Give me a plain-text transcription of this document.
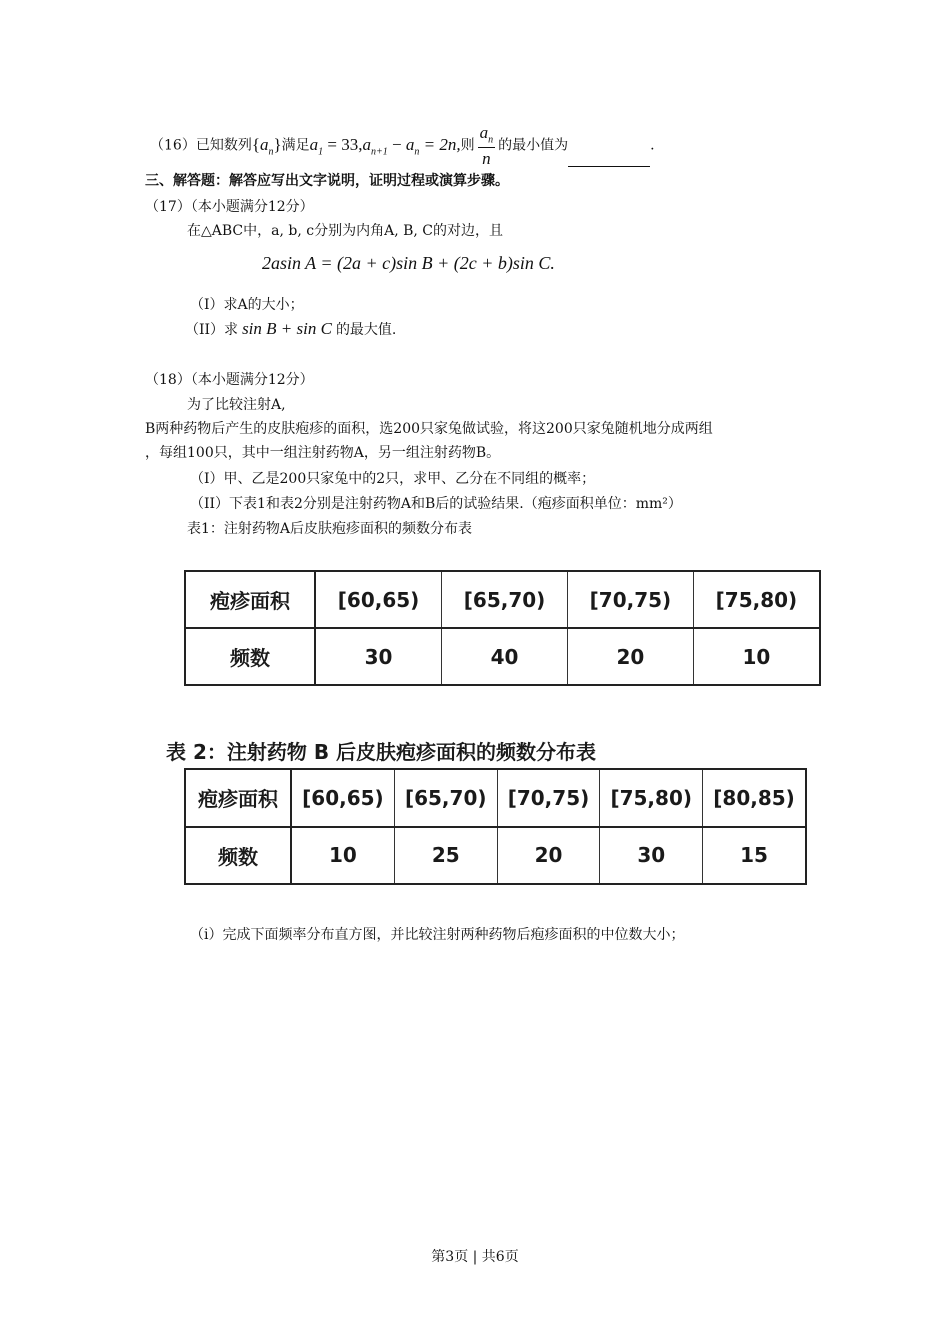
（16）已知数列$\{a_n\}$满足$a_1 = 33,a_{n+1} - a_n = 2n$,则 $\frac{a_n}{n}$ 的最小值为	.
三、解答题：解答应写出文字说明，证明过程或演算步骤。
（17）（本小题满分12分）
在△ABC中，a, b, c分别为内角A, B, C的对边，且
2asin A = (2a + c)sin B + (2c + b)sin C.
（I）求A的大小；
（II）求 sin B + sin C 的最大值.
（18）（本小题满分12分）
为了比较注射A,
B两种药物后产生的皮肤疱疹的面积，选200只家兔做试验，将这200只家兔随机地分成两组
，每组100只，其中一组注射药物A，另一组注射药物B。
（I）甲、乙是200只家兔中的2只，求甲、乙分在不同组的概率；
（II）下表1和表2分别是注射药物A和B后的试验结果.（疱疹面积单位：mm²）
表1：注射药物A后皮肤疱疹面积的频数分布表
疱疹面积	[60,65)	[65,70)	[70,75)	[75,80)
频数	30	40	20	10
表 2：注射药物 B 后皮肤疱疹面积的频数分布表
疱疹面积	[60,65)	[65,70)	[70,75)	[75,80)	[80,85)
频数	10	25	20	30	15
（i）完成下面频率分布直方图，并比较注射两种药物后疱疹面积的中位数大小；
第3页 | 共6页
